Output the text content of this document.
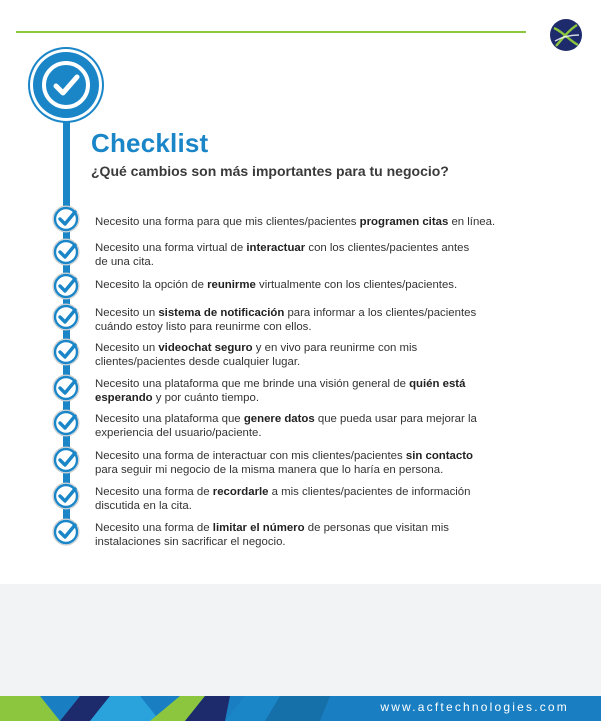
Checklist
¿Qué cambios son más importantes para tu negocio?
Necesito una forma para que mis clientes/pacientes programen citas en línea.
Necesito una forma virtual de interactuar con los clientes/pacientes antes
de una cita.
Necesito la opción de reunirme virtualmente con los clientes/pacientes.
Necesito un sistema de notificación para informar a los clientes/pacientes
cuándo estoy listo para reunirme con ellos.
Necesito un videochat seguro y en vivo para reunirme con mis
clientes/pacientes desde cualquier lugar.
Necesito una plataforma que me brinde una visión general de quién está
esperando y por cuánto tiempo.
Necesito una plataforma que genere datos que pueda usar para mejorar la
experiencia del usuario/paciente.
Necesito una forma de interactuar con mis clientes/pacientes sin contacto
para seguir mi negocio de la misma manera que lo haría en persona.
Necesito una forma de recordarle a mis clientes/pacientes de información
discutida en la cita.
Necesito una forma de limitar el número de personas que visitan mis
instalaciones sin sacrificar el negocio.
www.acftechnologies.com
